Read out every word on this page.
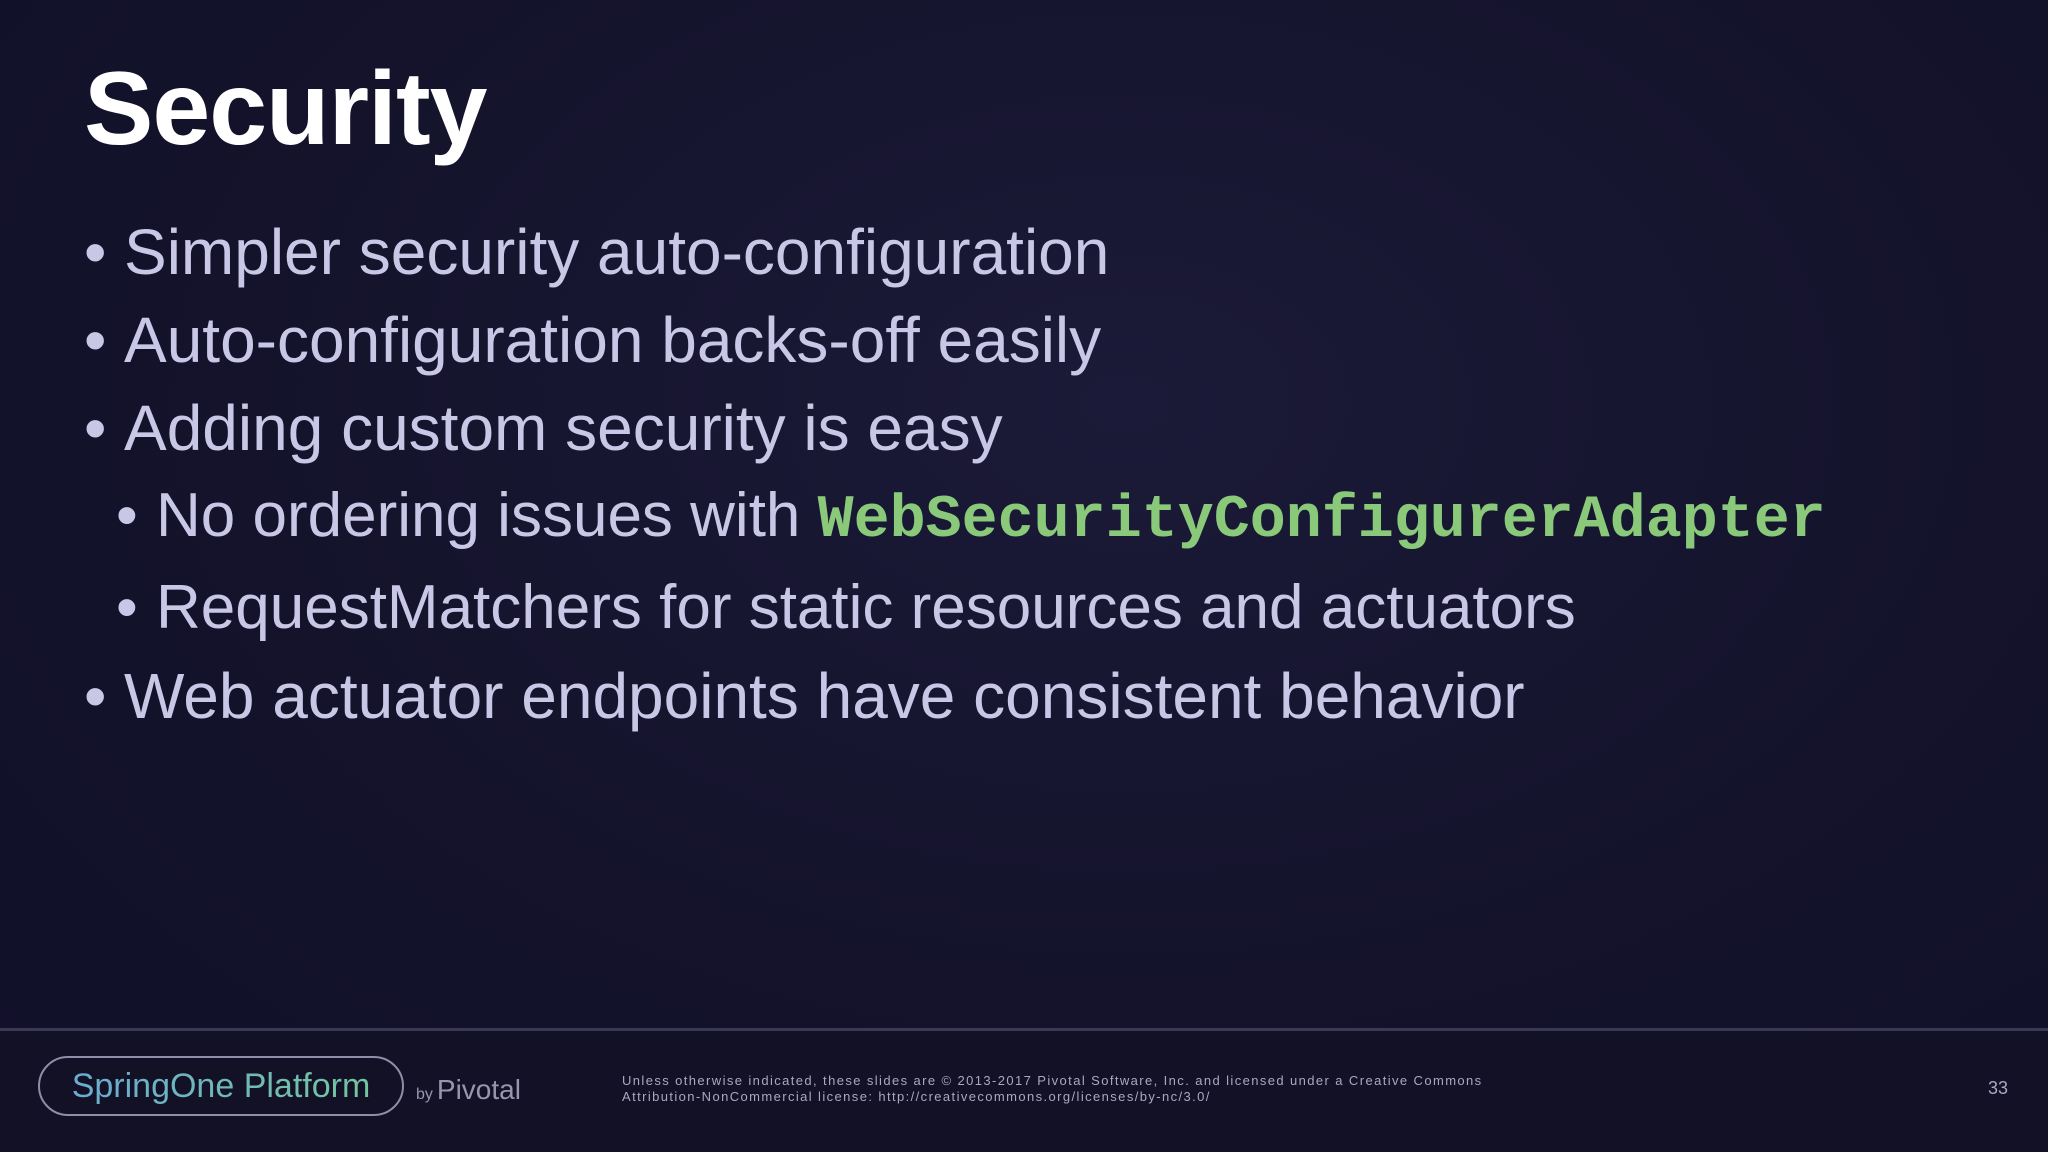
Security
• Simpler security auto-configuration
• Auto-configuration backs-off easily
• Adding custom security is easy
• No ordering issues with WebSecurityConfigurerAdapter
• RequestMatchers for static resources and actuators
• Web actuator endpoints have consistent behavior
SpringOne Platform	by Pivotal	Unless otherwise indicated, these slides are © 2013-2017 Pivotal Software, Inc. and licensed under a Creative Commons
Attribution-NonCommercial license: http://creativecommons.org/licenses/by-nc/3.0/	33
